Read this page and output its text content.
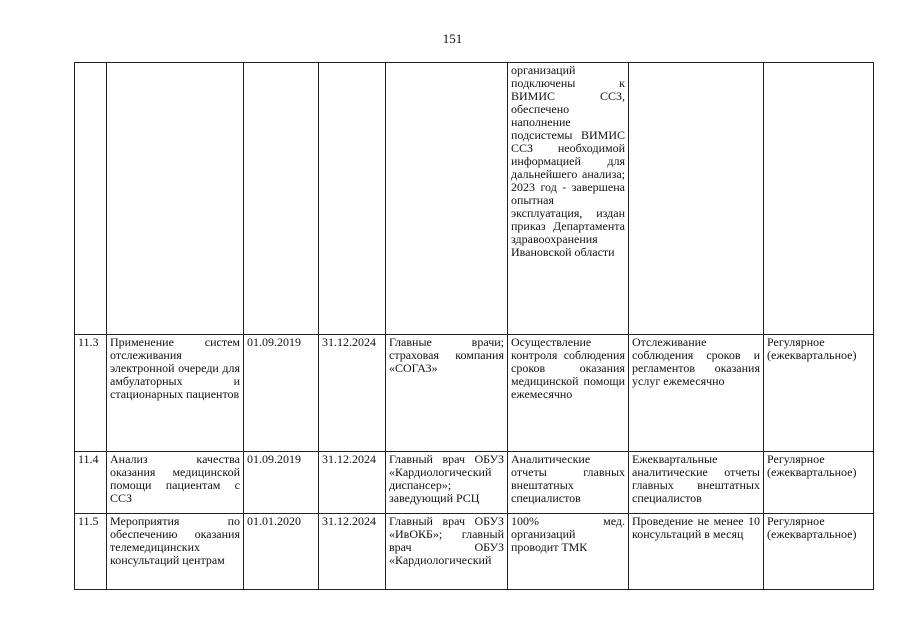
151
					организаций подключены к ВИМИС ССЗ, обеспечено наполнение подсистемы ВИМИС ССЗ необходимой информацией для дальнейшего анализа; 2023 год - завершена опытная эксплуатация, издан приказ Департамента здравоохранения Ивановской области		
11.3	Применение систем отслеживания электронной очереди для амбулаторных и стационарных пациентов	01.09.2019	31.12.2024	Главные врачи; страховая компания «СОГАЗ»	Осуществление контроля соблюдения сроков оказания медицинской помощи ежемесячно	Отслеживание соблюдения сроков и регламентов оказания услуг ежемесячно	Регулярное (ежеквартальное)
11.4	Анализ качества оказания медицинской помощи пациентам с ССЗ	01.09.2019	31.12.2024	Главный врач ОБУЗ «Кардиологический диспансер»; заведующий РСЦ	Аналитические отчеты главных внештатных специалистов	Ежеквартальные аналитические отчеты главных внештатных специалистов	Регулярное (ежеквартальное)
11.5	Мероприятия по обеспечению оказания телемедицинских консультаций центрам	01.01.2020	31.12.2024	Главный врач ОБУЗ «ИвОКБ»; главный врач ОБУЗ «Кардиологический	100% мед. организаций проводит ТМК	Проведение не менее 10 консультаций в месяц	Регулярное (ежеквартальное)
